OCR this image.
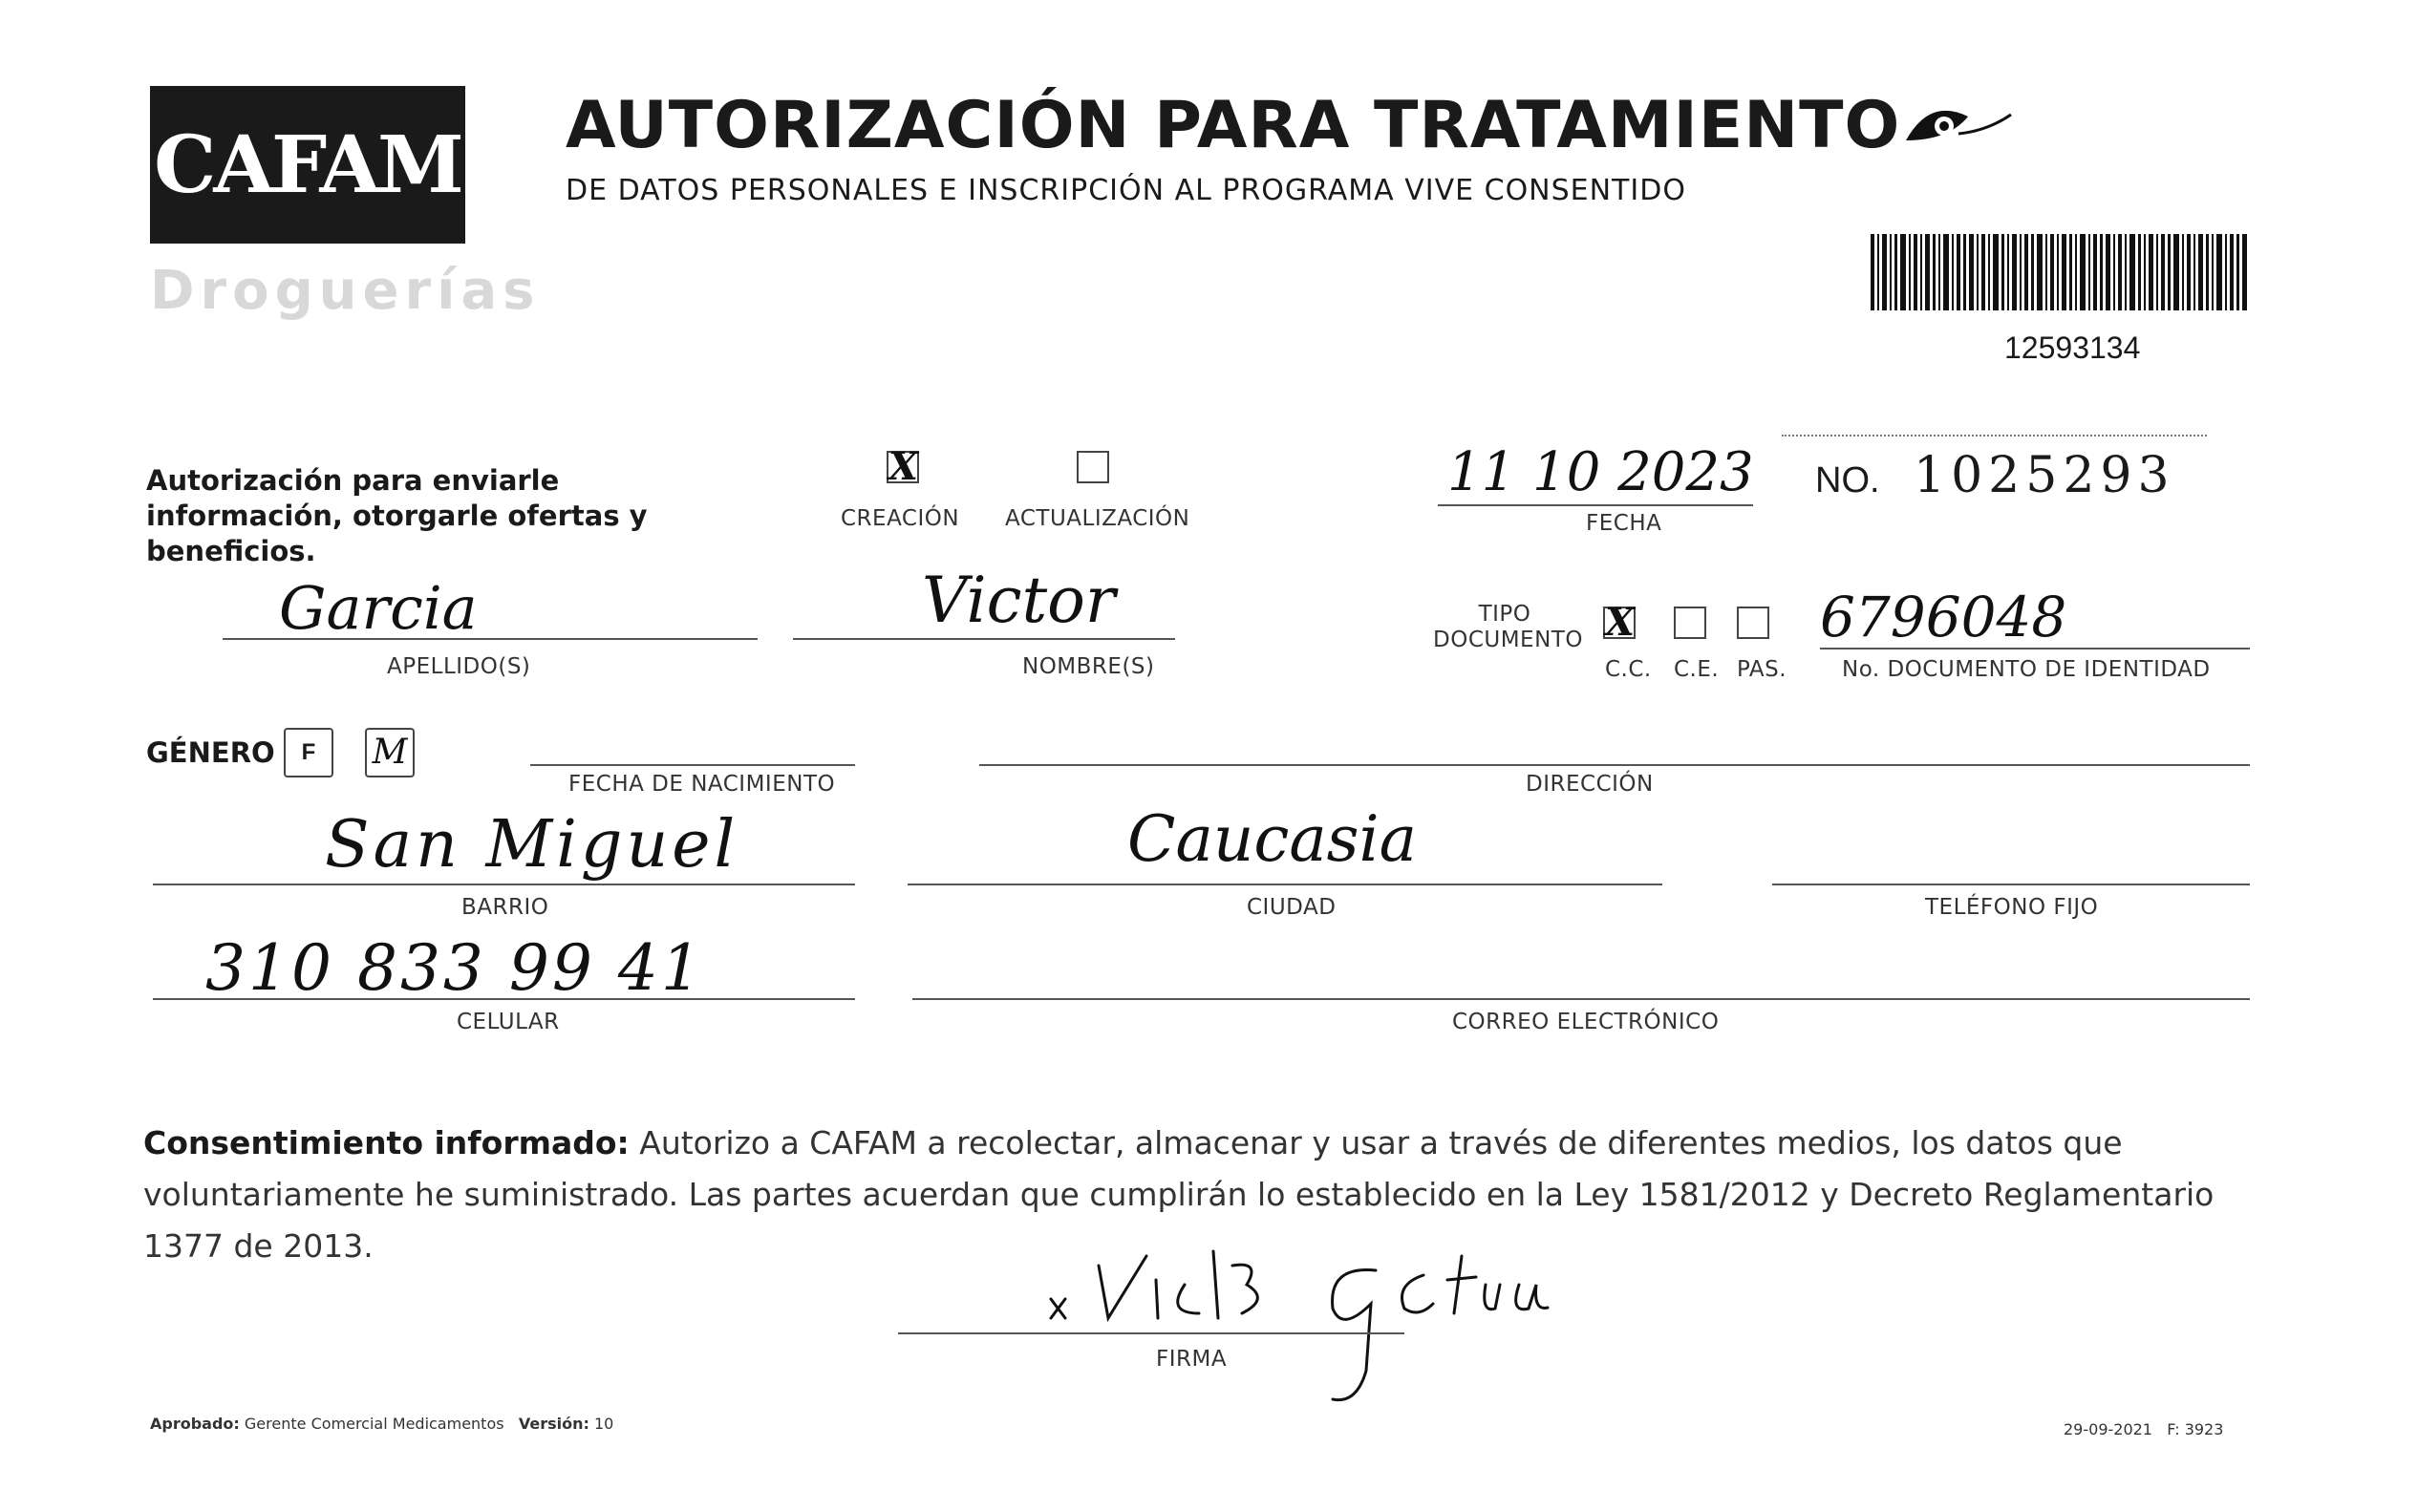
CAFAM
Droguerías
AUTORIZACIÓN PARA TRATAMIENTO
DE DATOS PERSONALES E INSCRIPCIÓN AL PROGRAMA VIVE CONSENTIDO
12593134
Autorización para enviarle información, otorgarle ofertas y beneficios.
X
CREACIÓN ACTUALIZACIÓN
11 10 2023
FECHA
NO. 1025293
Garcia
APELLIDO(S)
Victor
NOMBRE(S)
TIPO DOCUMENTO X
C.C. C.E. PAS.
6796048
No. DOCUMENTO DE IDENTIDAD
GÉNERO	F	M
FECHA DE NACIMIENTO	DIRECCIÓN
San Miguel
BARRIO
Caucasia
CIUDAD	TELÉFONO FIJO
310 833 99 41
CELULAR	CORREO ELECTRÓNICO
Consentimiento informado: Autorizo a CAFAM a recolectar, almacenar y usar a través de diferentes medios, los datos que voluntariamente he suministrado. Las partes acuerdan que cumplirán lo establecido en la Ley 1581/2012 y Decreto Reglamentario 1377 de 2013.
FIRMA
Aprobado: Gerente Comercial Medicamentos Versión: 10	29-09-2021 F: 3923
